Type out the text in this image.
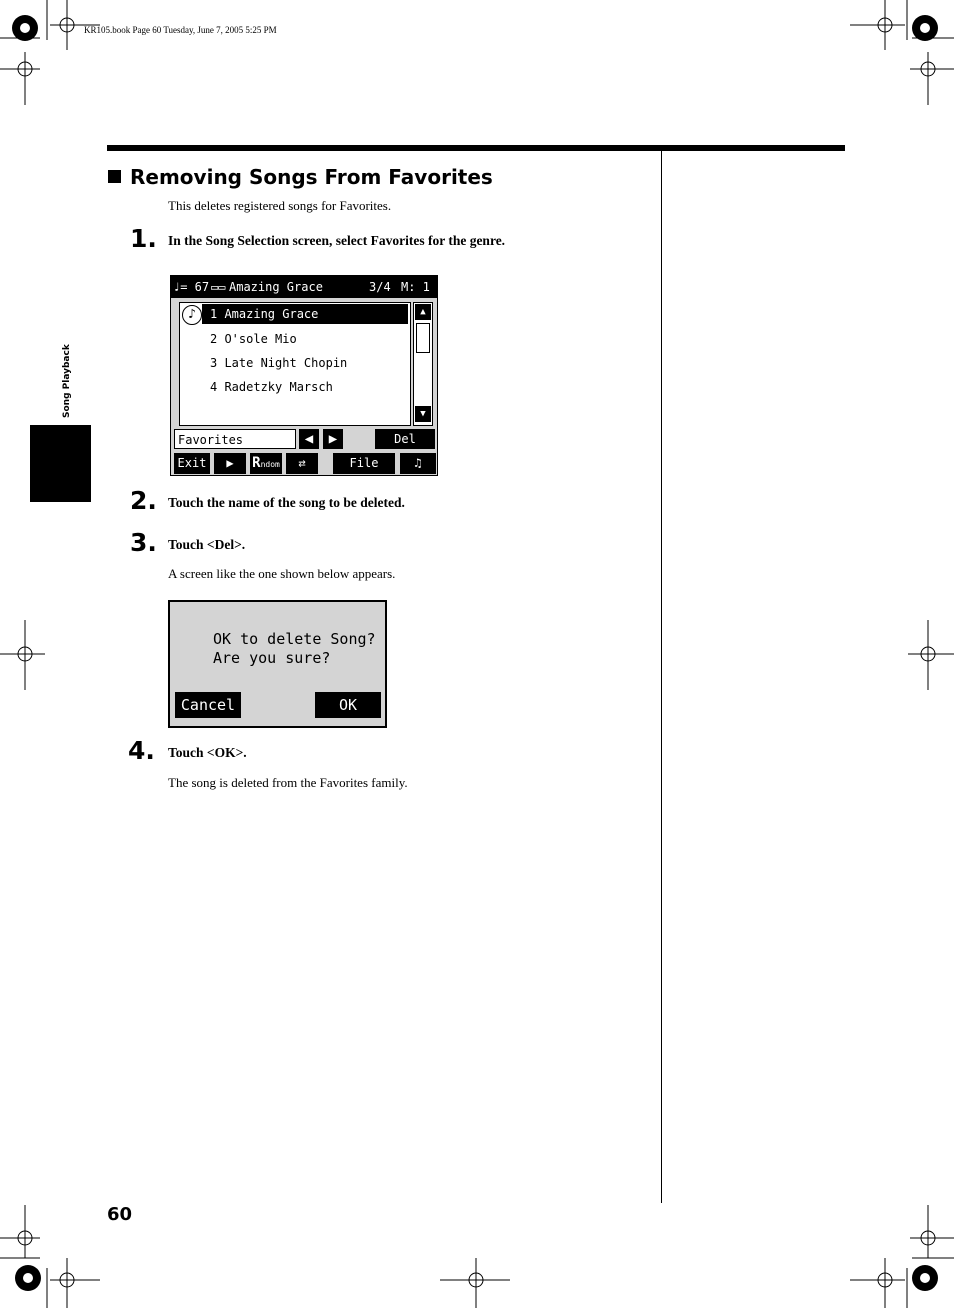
KR105.book Page 60 Tuesday, June 7, 2005 5:25 PM
Song Playback
Removing Songs From Favorites
This deletes registered songs for Favorites.
1. In the Song Selection screen, select Favorites for the genre.
♩= 67 ▭▭ Amazing Grace	3/4 M: 1
♪	1 Amazing Grace
2 O'sole Mio
3 Late Night Chopin
4 Radetzky Marsch
▲
▼
Favorites	◀	▶	Del
Exit	▶	Rndom	⇄	File	♫
2. Touch the name of the song to be deleted.
3. Touch <Del>.
A screen like the one shown below appears.
OK to delete Song?
Are you sure?
Cancel	OK
4. Touch <OK>.
The song is deleted from the Favorites family.
60
